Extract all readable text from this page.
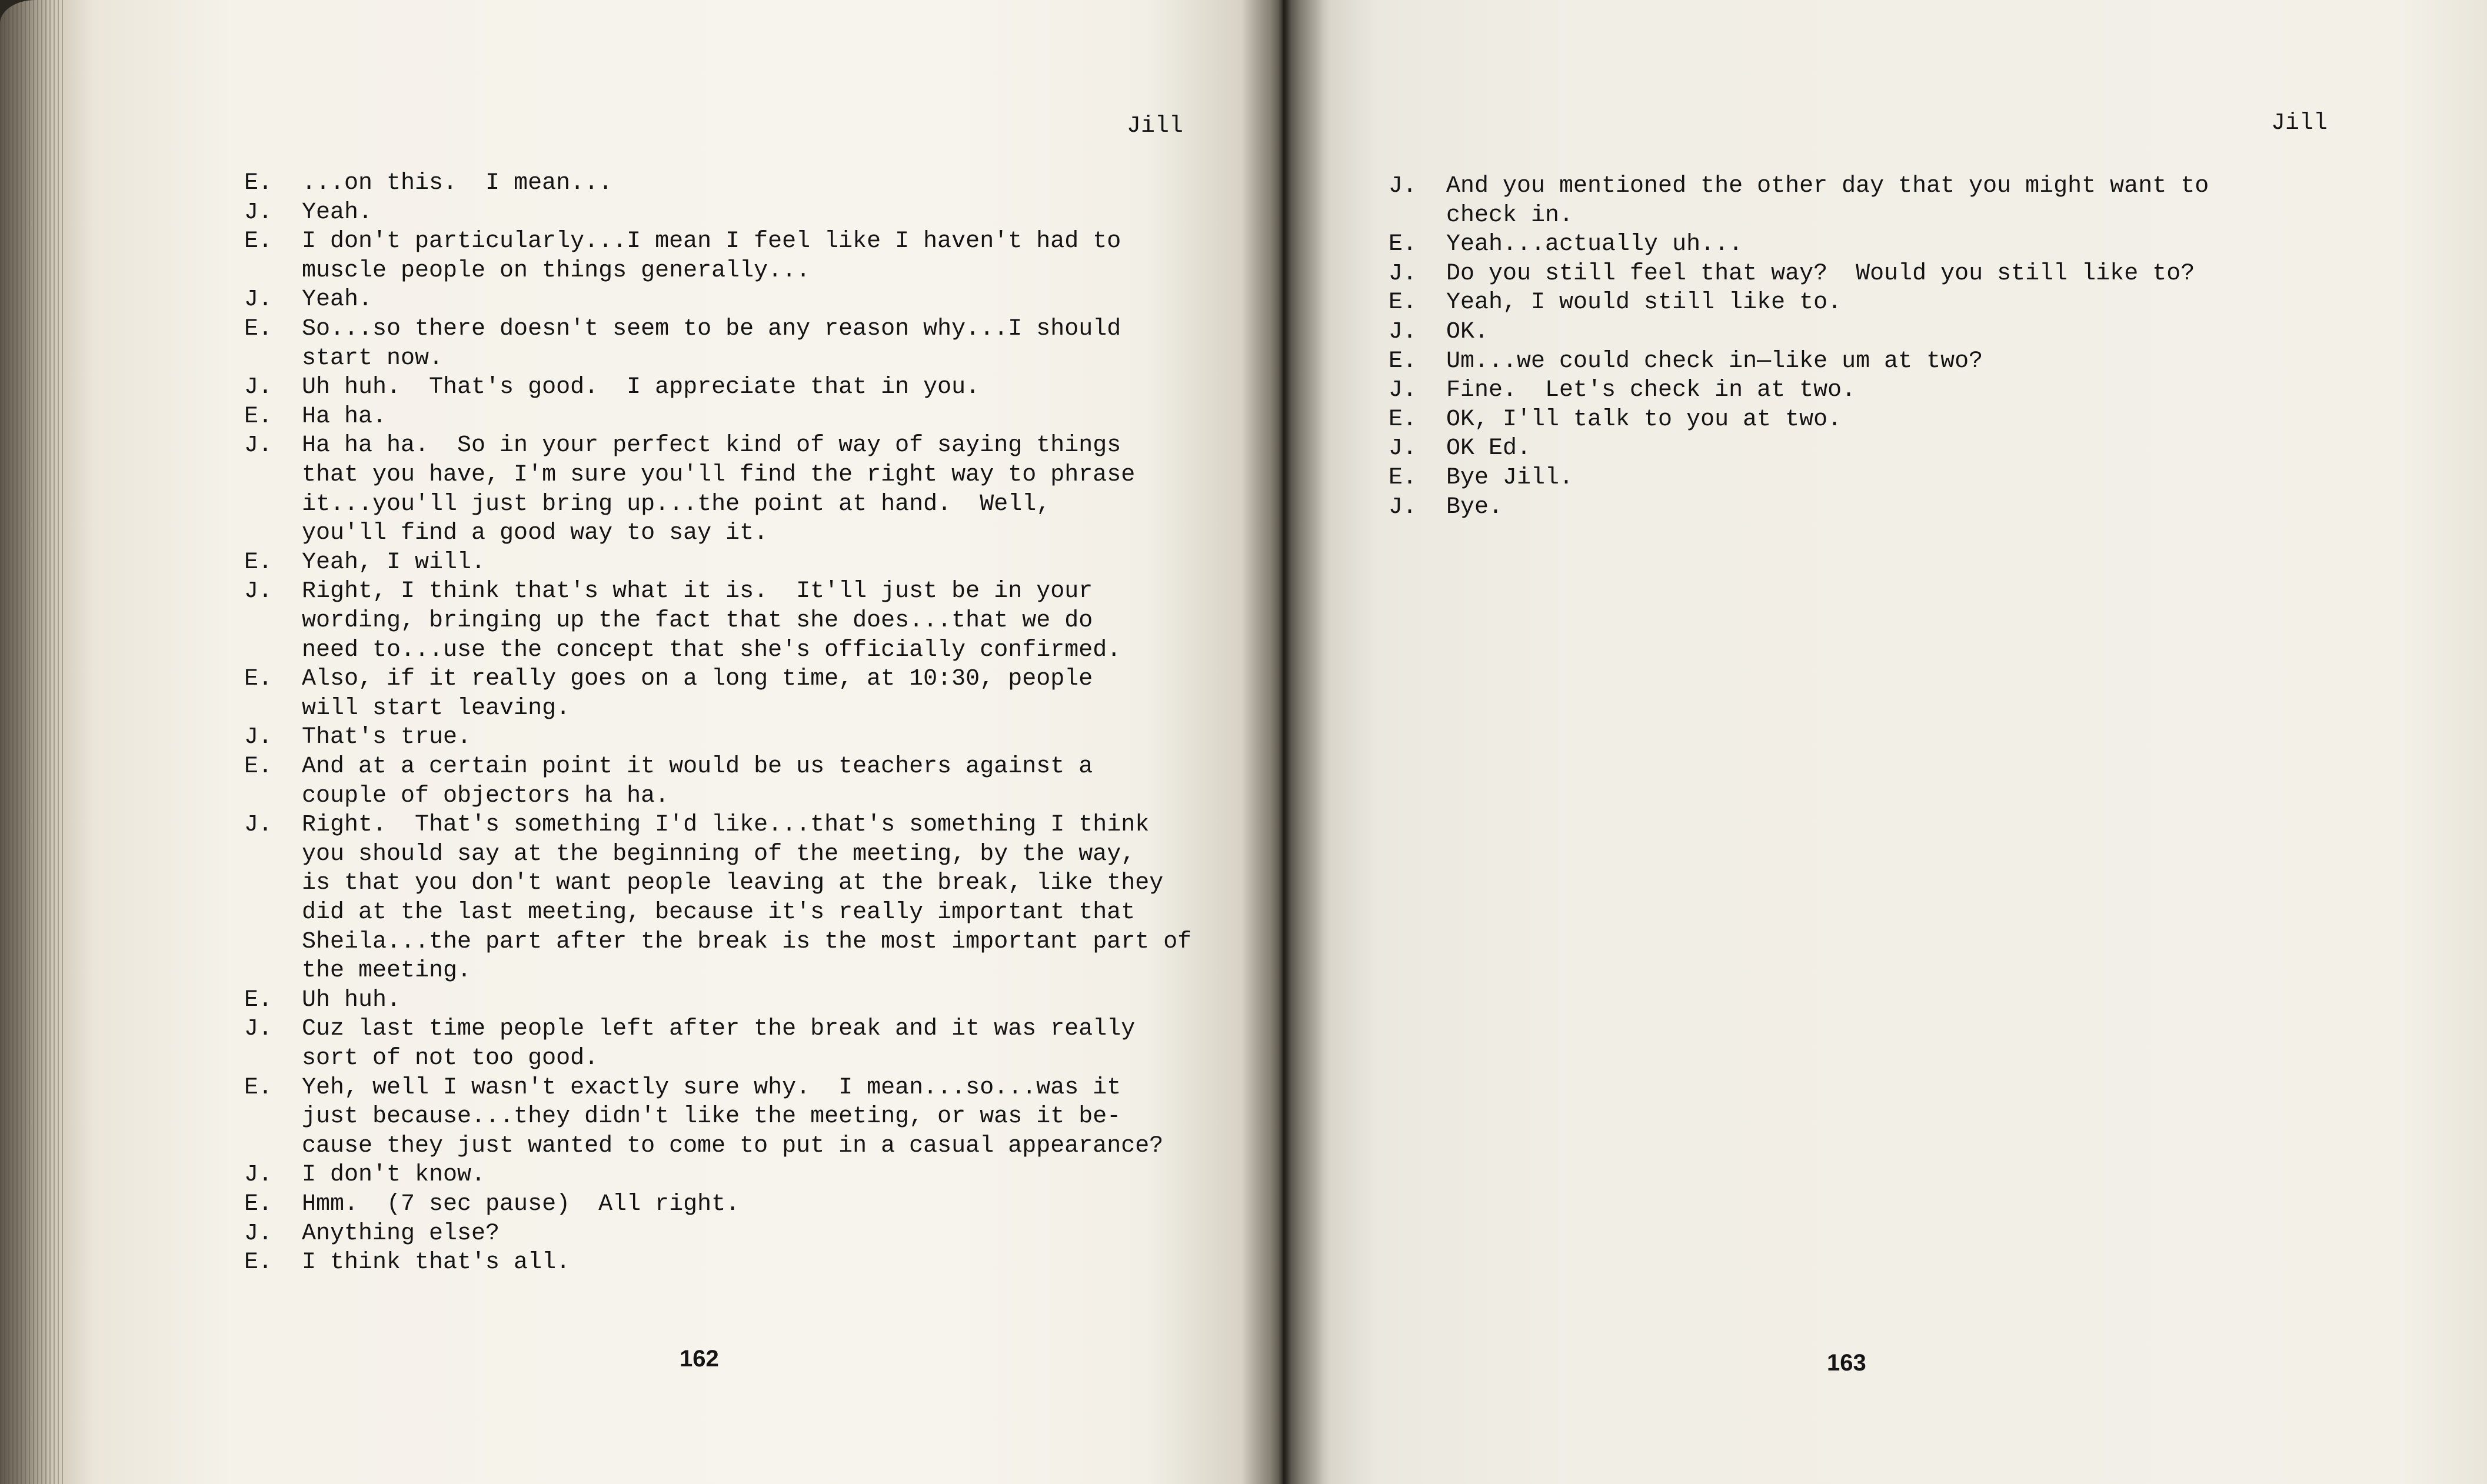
Jill
E.	...on this.  I mean...
J.	Yeah.
E.	I don't particularly...I mean I feel like I haven't had to
muscle people on things generally...
J.	Yeah.
E.	So...so there doesn't seem to be any reason why...I should
start now.
J.	Uh huh.  That's good.  I appreciate that in you.
E.	Ha ha.
J.	Ha ha ha.  So in your perfect kind of way of saying things
that you have, I'm sure you'll find the right way to phrase
it...you'll just bring up...the point at hand.  Well,
you'll find a good way to say it.
E.	Yeah, I will.
J.	Right, I think that's what it is.  It'll just be in your
wording, bringing up the fact that she does...that we do
need to...use the concept that she's officially confirmed.
E.	Also, if it really goes on a long time, at 10:30, people
will start leaving.
J.	That's true.
E.	And at a certain point it would be us teachers against a
couple of objectors ha ha.
J.	Right.  That's something I'd like...that's something I think
you should say at the beginning of the meeting, by the way,
is that you don't want people leaving at the break, like they
did at the last meeting, because it's really important that
Sheila...the part after the break is the most important part of
the meeting.
E.	Uh huh.
J.	Cuz last time people left after the break and it was really
sort of not too good.
E.	Yeh, well I wasn't exactly sure why.  I mean...so...was it
just because...they didn't like the meeting, or was it be-
cause they just wanted to come to put in a casual appearance?
J.	I don't know.
E.	Hmm.  (7 sec pause)  All right.
J.	Anything else?
E.	I think that's all.
162
Jill
J.	And you mentioned the other day that you might want to
check in.
E.	Yeah...actually uh...
J.	Do you still feel that way?  Would you still like to?
E.	Yeah, I would still like to.
J.	OK.
E.	Um...we could check in—like um at two?
J.	Fine.  Let's check in at two.
E.	OK, I'll talk to you at two.
J.	OK Ed.
E.	Bye Jill.
J.	Bye.
163
